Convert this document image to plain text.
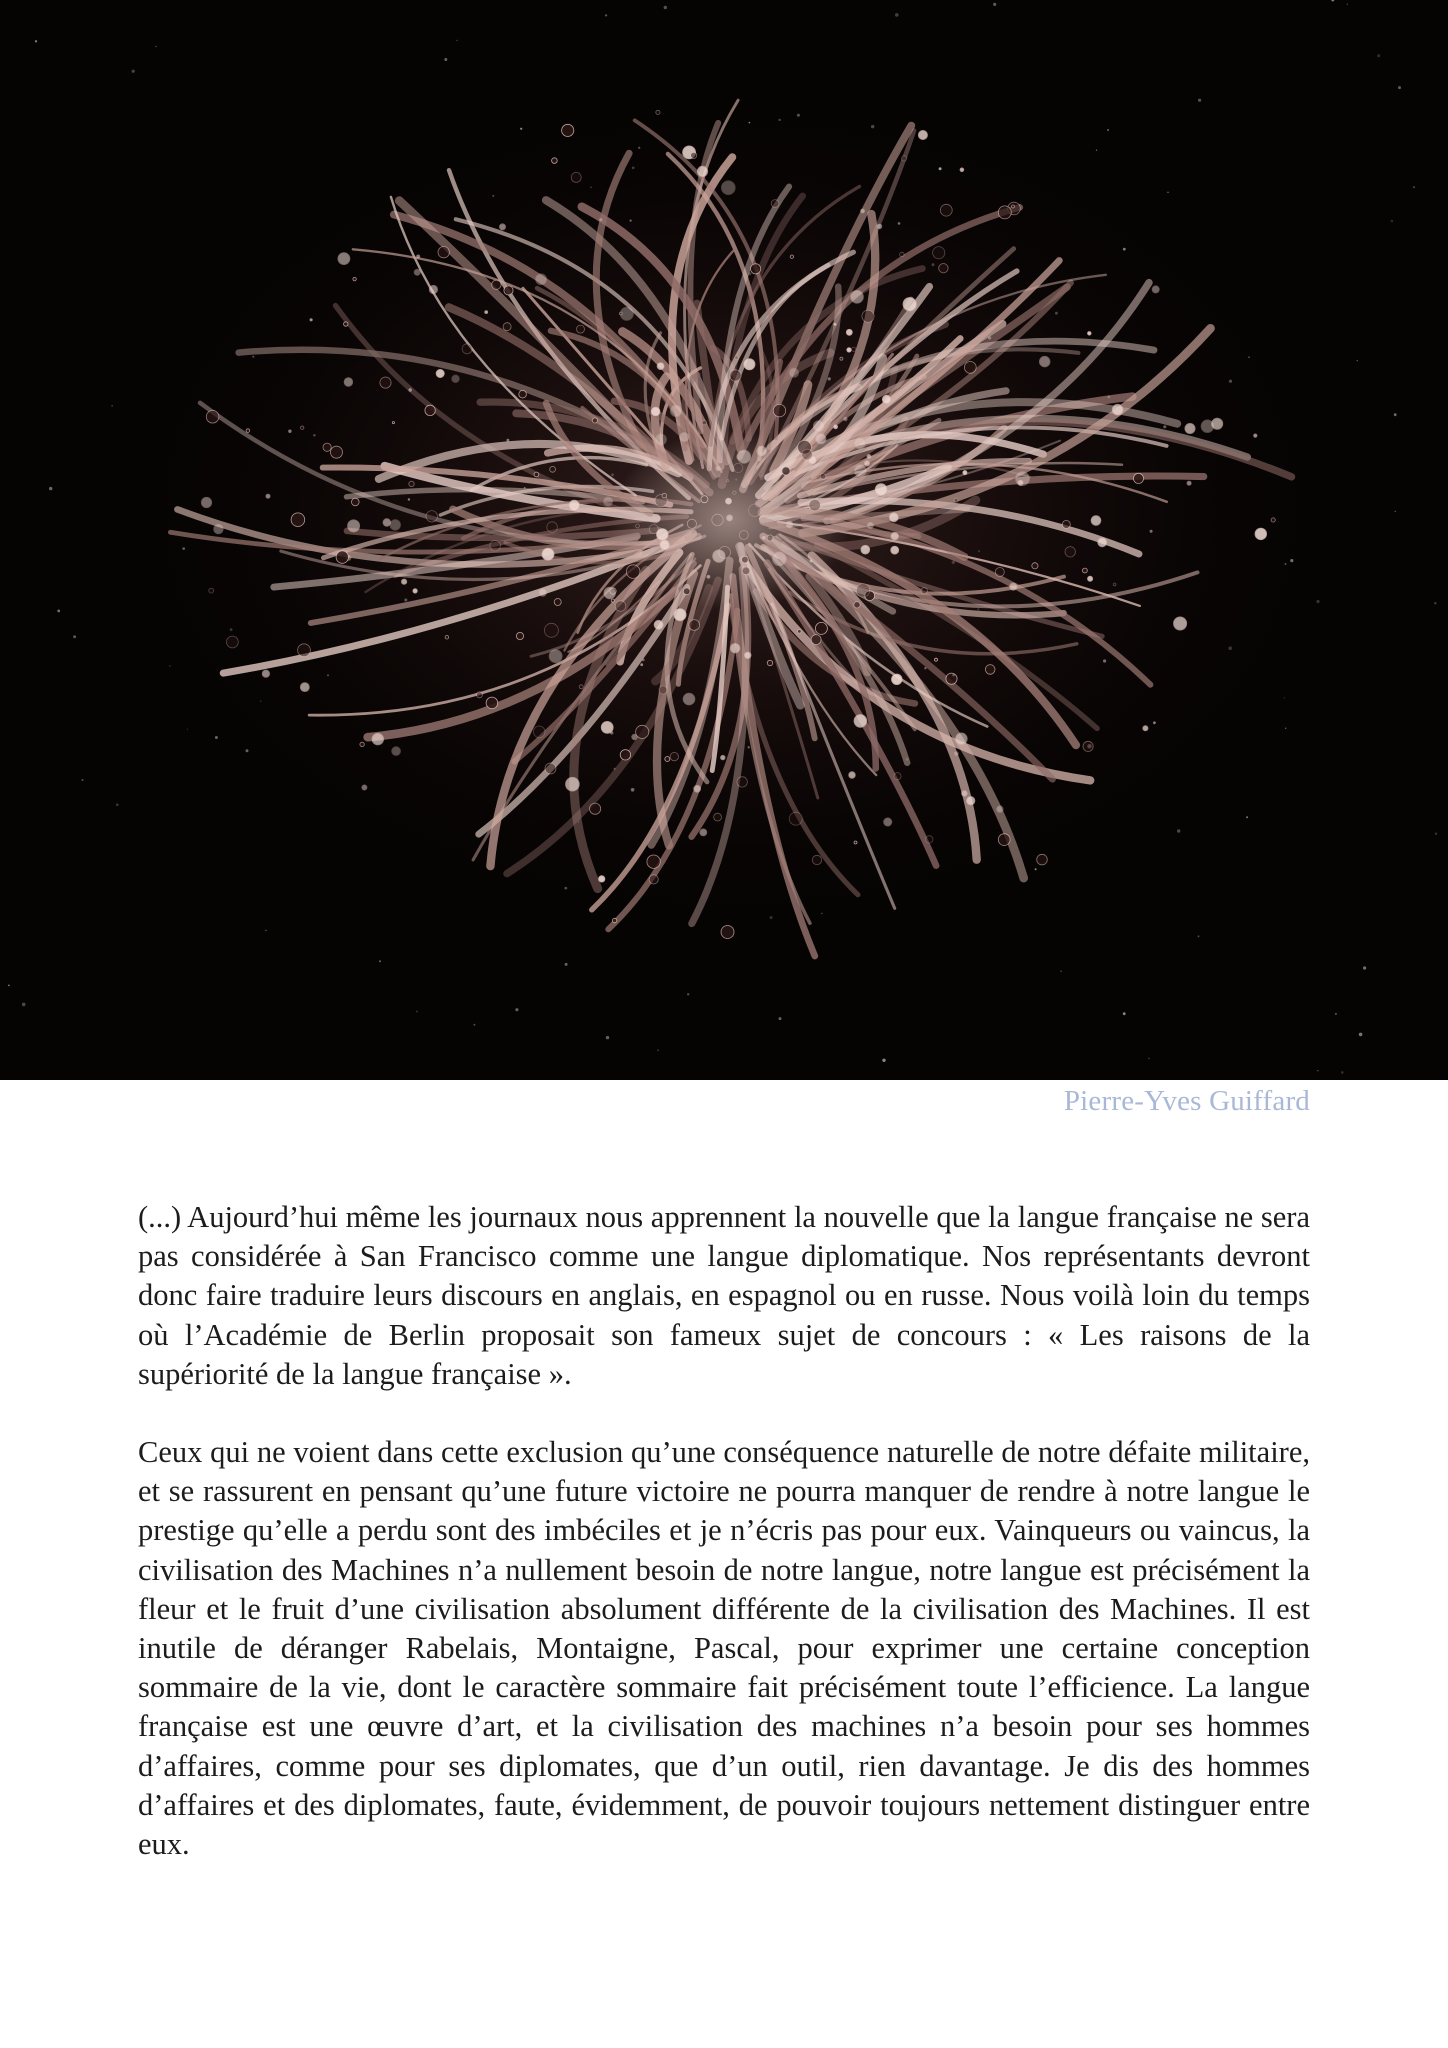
Pierre-Yves Guiffard

(...) Aujourd’hui même les journaux nous apprennent la nouvelle que la langue française ne sera pas considérée à San Francisco comme une langue diplomatique. Nos représentants devront donc faire traduire leurs discours en anglais, en espagnol ou en russe. Nous voilà loin du temps où l’Académie de Berlin proposait son fameux sujet de concours : « Les raisons de la supériorité de la langue française ».

Ceux qui ne voient dans cette exclusion qu’une conséquence naturelle de notre défaite militaire, et se rassurent en pensant qu’une future victoire ne pourra manquer de rendre à notre langue le prestige qu’elle a perdu sont des imbéciles et je n’écris pas pour eux. Vainqueurs ou vaincus, la civilisation des Machines n’a nullement besoin de notre langue, notre langue est précisément la fleur et le fruit d’une civilisation absolument différente de la civilisation des Machines. Il est inutile de déranger Rabelais, Montaigne, Pascal, pour exprimer une certaine conception sommaire de la vie, dont le caractère sommaire fait précisément toute l’efficience. La langue française est une œuvre d’art, et la civilisation des machines n’a besoin pour ses hommes d’affaires, comme pour ses diplomates, que d’un outil, rien davantage. Je dis des hommes d’affaires et des diplomates, faute, évidemment, de pouvoir toujours nettement distinguer entre eux.
